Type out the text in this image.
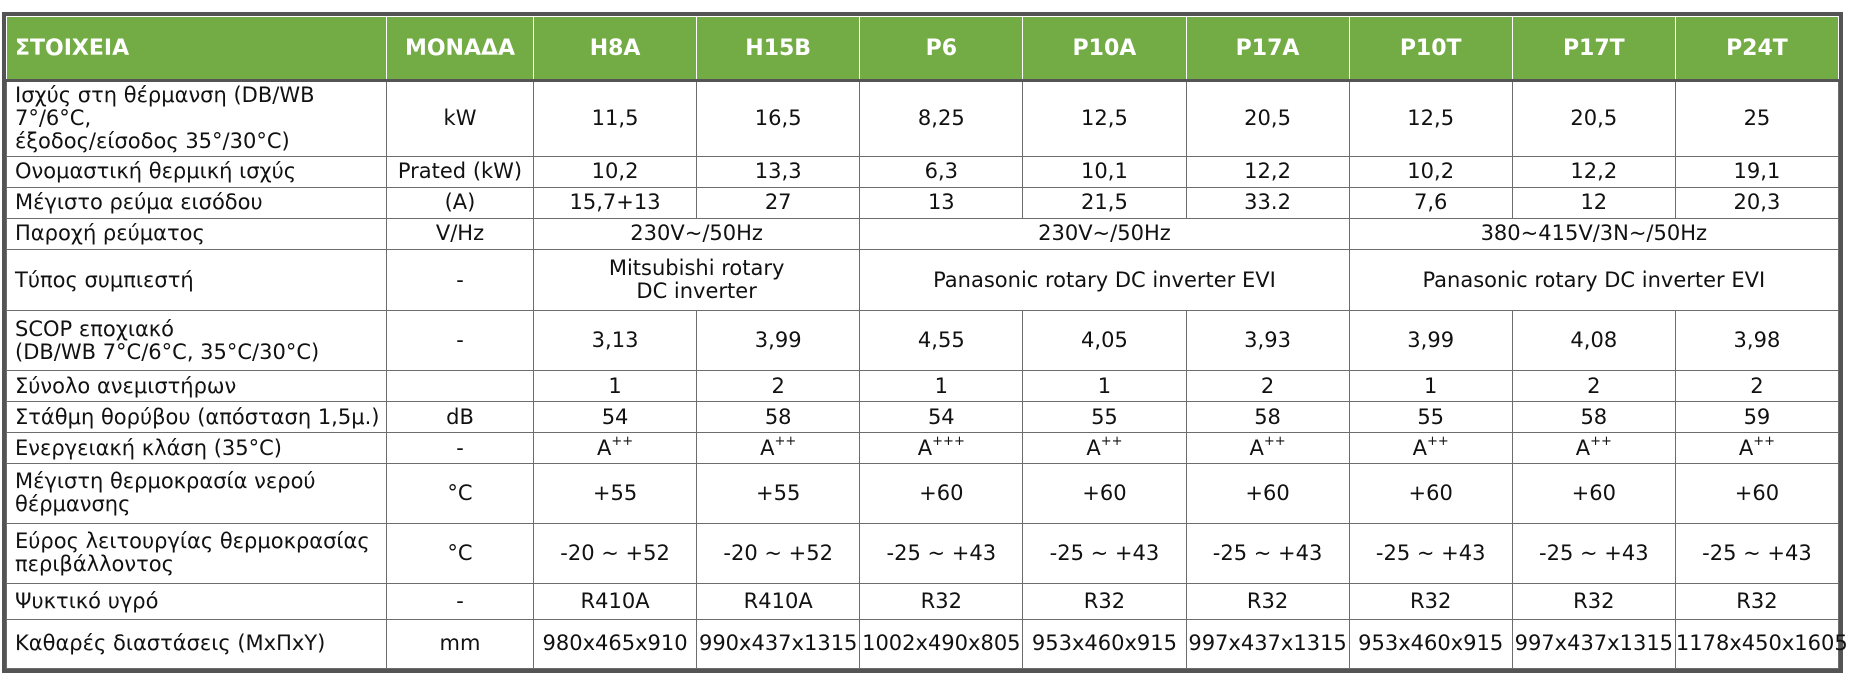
ΣΤΟΙΧΕΙΑ	ΜΟΝΑΔΑ	H8A	H15B	P6	P10A	P17A	P10T	P17T	P24T
Ισχύς στη θέρμανση (DB/WB 7°/6°C,
έξοδος/είσοδος 35°/30°C)	kW	11,5	16,5	8,25	12,5	20,5	12,5	20,5	25
Ονομαστική θερμική ισχύς	Prated (kW)	10,2	13,3	6,3	10,1	12,2	10,2	12,2	19,1
Μέγιστο ρεύμα εισόδου	(A)	15,7+13	27	13	21,5	33.2	7,6	12	20,3
Παροχή ρεύματος	V/Hz	230V~/50Hz		230V~/50Hz			380~415V/3N~/50Hz		
Τύπος συμπιεστή	-	Mitsubishi rotary
DC inverter		Panasonic rotary DC inverter EVI			Panasonic rotary DC inverter EVI		
SCOP εποχιακό
(DB/WB 7°C/6°C, 35°C/30°C)	-	3,13	3,99	4,55	4,05	3,93	3,99	4,08	3,98
Σύνολο ανεμιστήρων		1	2	1	1	2	1	2	2
Στάθμη θορύβου (απόσταση 1,5μ.)	dB	54	58	54	55	58	55	58	59
Ενεργειακή κλάση (35°C)	-	A++	A++	A+++	A++	A++	A++	A++	A++
Μέγιστη θερμοκρασία νερού
θέρμανσης	°C	+55	+55	+60	+60	+60	+60	+60	+60
Εύρος λειτουργίας θερμοκρασίας
περιβάλλοντος	°C	-20 ~ +52	-20 ~ +52	-25 ~ +43	-25 ~ +43	-25 ~ +43	-25 ~ +43	-25 ~ +43	-25 ~ +43
Ψυκτικό υγρό	-	R410A	R410A	R32	R32	R32	R32	R32	R32
Καθαρές διαστάσεις (ΜxΠxΥ)	mm	980x465x910	990x437x1315	1002x490x805	953x460x915	997x437x1315	953x460x915	997x437x1315	1178x450x1605
